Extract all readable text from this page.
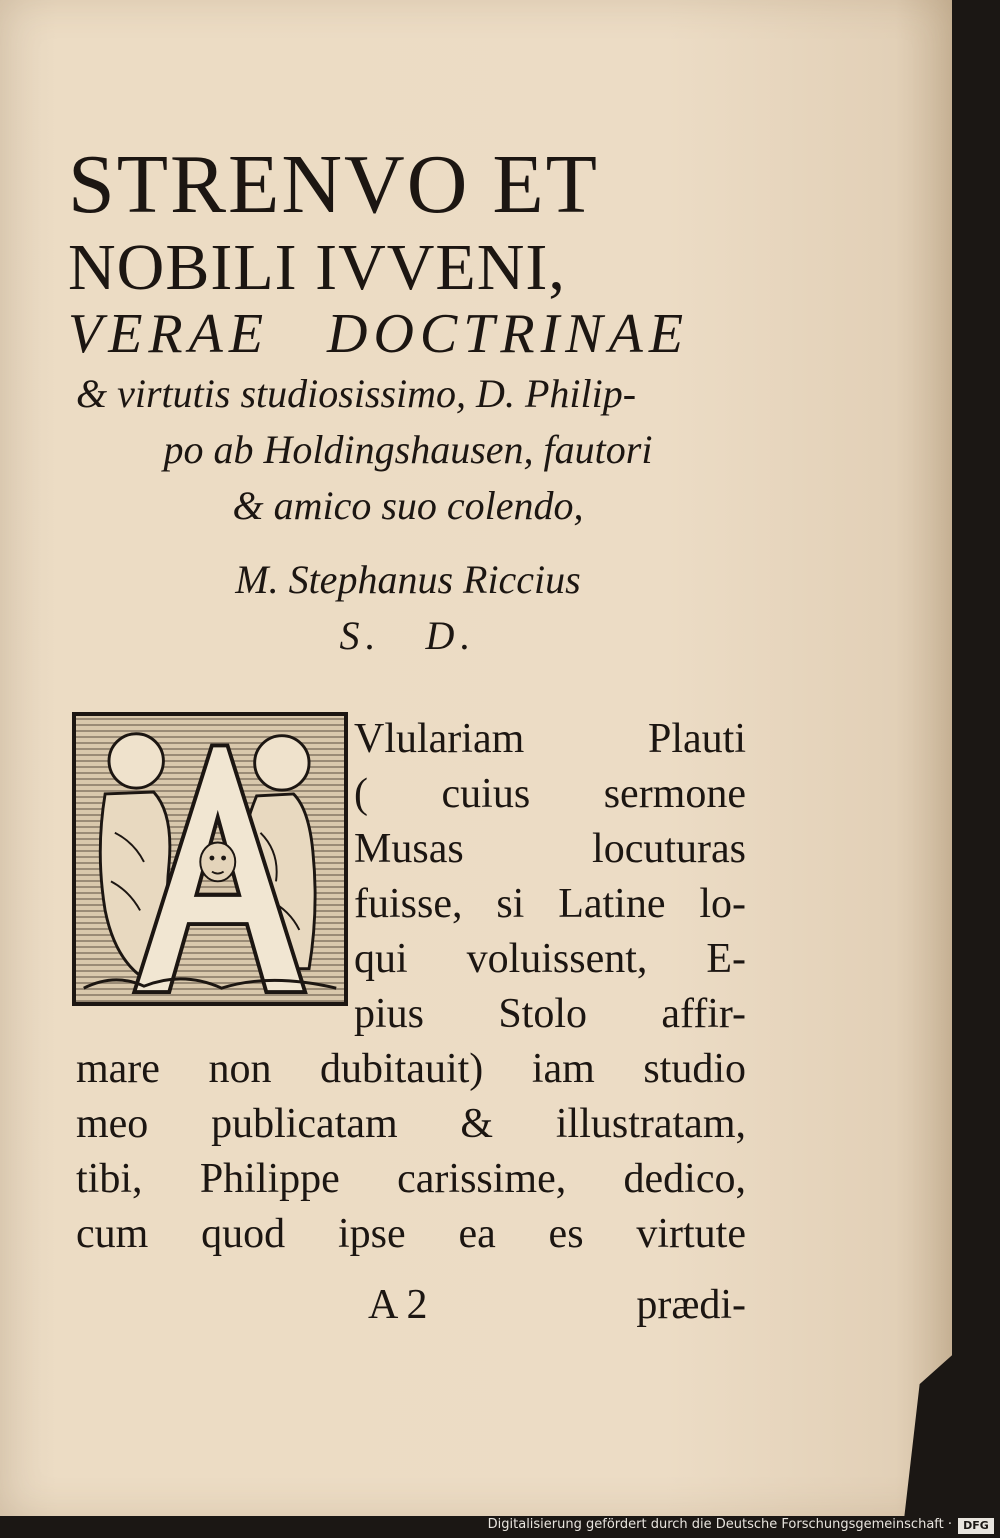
STRENVO ET
NOBILI IVVENI,
VERAE DOCTRINAE
& virtutis studiosissimo, D. Philip-
po ab Holdingshausen, fautori
& amico suo colendo,
M. Stephanus Riccius
S. D.
Vlulariam Plauti
( cuius sermone
Musas locuturas
fuisse, si Latine lo-
qui voluissent, E-
pius Stolo affir-
mare non dubitauit) iam studio
meo publicatam & illustratam,
tibi, Philippe carissime, dedico,
cum quod ipse ea es virtute
A 2	prædi-
Digitalisierung gefördert durch die Deutsche Forschungsgemeinschaft ·	DFG
